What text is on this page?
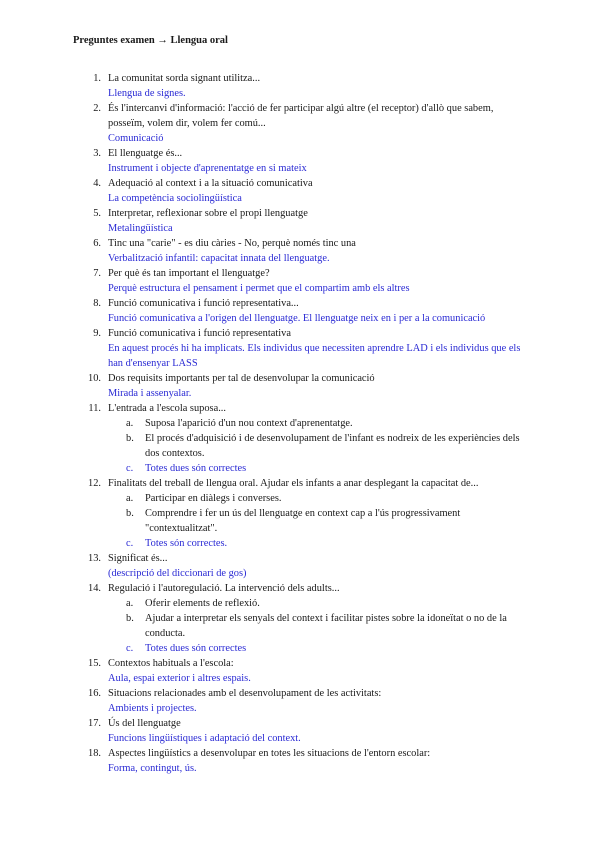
Preguntes examen → Llengua oral
1. La comunitat sorda signant utilitza...
Llengua de signes.
2. És l'intercanvi d'informació: l'acció de fer participar algú altre (el receptor) d'allò que sabem, posseïm, volem dir, volem fer comú...
Comunicació
3. El llenguatge és...
Instrument i objecte d'aprenentatge en si mateix
4. Adequació al context i a la situació comunicativa
La competència sociolingüística
5. Interpretar, reflexionar sobre el propi llenguatge
Metalingüística
6. Tinc una "carie" - es diu càries - No, perquè només tinc una
Verbalització infantil: capacitat innata del llenguatge.
7. Per què és tan important el llenguatge?
Perquè estructura el pensament i permet que el compartim amb els altres
8. Funció comunicativa i funció representativa...
Funció comunicativa a l'origen del llenguatge. El llenguatge neix en i per a la comunicació
9. Funció comunicativa i funció representativa
En aquest procés hi ha implicats. Els individus que necessiten aprendre LAD i els individus que els han d'ensenyar LASS
10. Dos requisits importants per tal de desenvolupar la comunicació
Mirada i assenyalar.
11. L'entrada a l'escola suposa...
a. Suposa l'aparició d'un nou context d'aprenentatge.
b. El procés d'adquisició i de desenvolupament de l'infant es nodreix de les experiències dels dos contextos.
c. Totes dues són correctes
12. Finalitats del treball de llengua oral. Ajudar els infants a anar desplegant la capacitat de...
a. Participar en diàlegs i converses.
b. Comprendre i fer un ús del llenguatge en context cap a l'ús progressivament "contextualitzat".
c. Totes són correctes.
13. Significat és...
(descripció del diccionari de gos)
14. Regulació i l'autoregulació. La intervenció dels adults...
a. Oferir elements de reflexió.
b. Ajudar a interpretar els senyals del context i facilitar pistes sobre la idoneïtat o no de la conducta.
c. Totes dues són correctes
15. Contextos habituals a l'escola:
Aula, espai exterior i altres espais.
16. Situacions relacionades amb el desenvolupament de les activitats:
Ambients i projectes.
17. Ús del llenguatge
Funcions lingüístiques i adaptació del context.
18. Aspectes lingüístics a desenvolupar en totes les situacions de l'entorn escolar:
Forma, contingut, ús.
